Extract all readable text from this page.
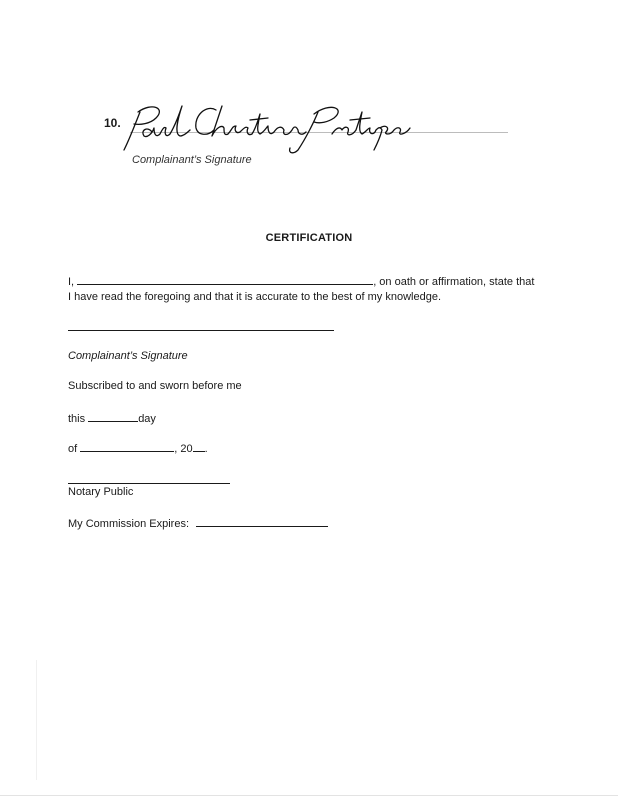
10.
Complainant’s Signature
CERTIFICATION
I,	, on oath or affirmation, state that
I have read the foregoing and that it is accurate to the best of my knowledge.
Complainant’s Signature
Subscribed to and sworn before me
this	day
of	, 20 .
Notary Public
My Commission Expires:
